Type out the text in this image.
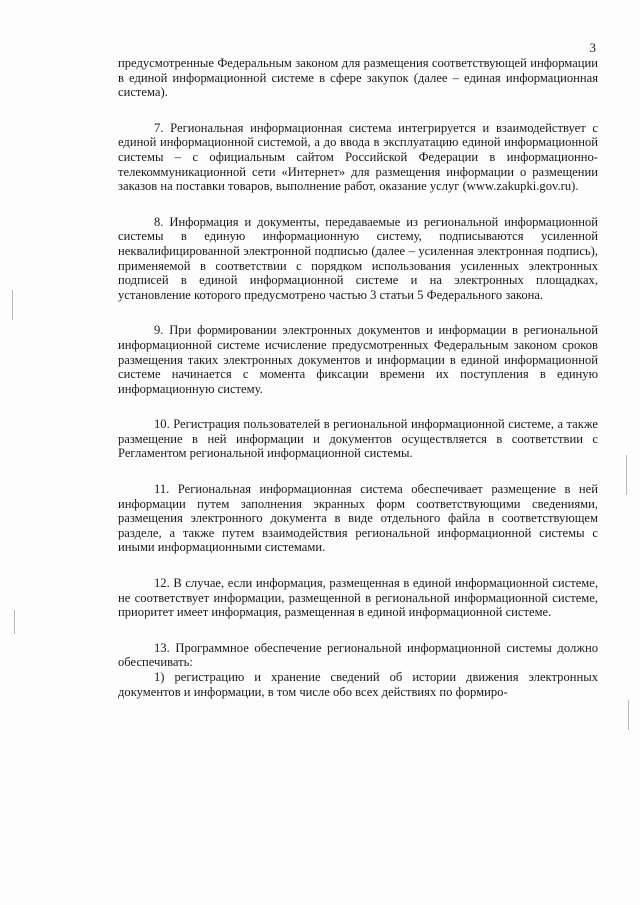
3

предусмотренные Федеральным законом для размещения соответствующей информации в единой информационной системе в сфере закупок (далее – единая информационная система).

7. Региональная информационная система интегрируется и взаимодействует с единой информационной системой, а до ввода в эксплуатацию единой информационной системы – с официальным сайтом Российской Федерации в информационно-телекоммуникационной сети «Интернет» для размещения информации о размещении заказов на поставки товаров, выполнение работ, оказание услуг (www.zakupki.gov.ru).

8. Информация и документы, передаваемые из региональной информационной системы в единую информационную систему, подписываются усиленной неквалифицированной электронной подписью (далее – усиленная электронная подпись), применяемой в соответствии с порядком использования усиленных электронных подписей в единой информационной системе и на электронных площадках, установление которого предусмотрено частью 3 статьи 5 Федерального закона.

9. При формировании электронных документов и информации в региональной информационной системе исчисление предусмотренных Федеральным законом сроков размещения таких электронных документов и информации в единой информационной системе начинается с момента фиксации времени их поступления в единую информационную систему.

10. Регистрация пользователей в региональной информационной системе, а также размещение в ней информации и документов осуществляется в соответствии с Регламентом региональной информационной системы.

11. Региональная информационная система обеспечивает размещение в ней информации путем заполнения экранных форм соответствующими сведениями, размещения электронного документа в виде отдельного файла в соответствующем разделе, а также путем взаимодействия региональной информационной системы с иными информационными системами.

12. В случае, если информация, размещенная в единой информационной системе, не соответствует информации, размещенной в региональной информационной системе, приоритет имеет информация, размещенная в единой информационной системе.

13. Программное обеспечение региональной информационной системы должно обеспечивать:

1) регистрацию и хранение сведений об истории движения электронных документов и информации, в том числе обо всех действиях по формиро-
